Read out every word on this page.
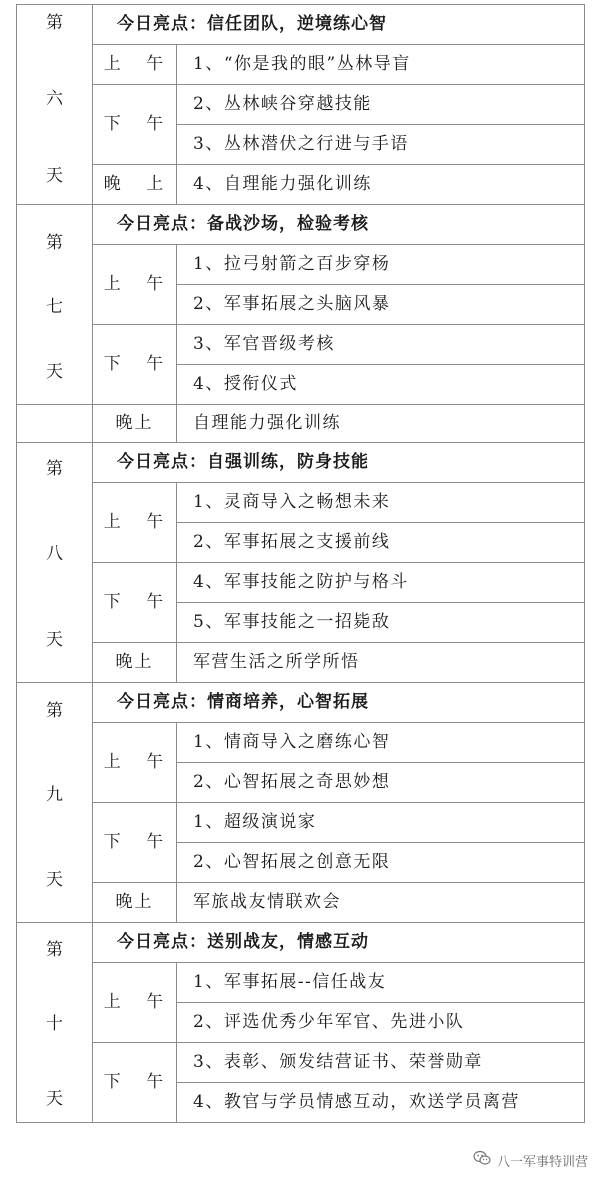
第
六
天	今日亮点：信任团队，逆境练心智	
	上 午	1、“你是我的眼”丛林导盲
	下 午	2、丛林峡谷穿越技能
		3、丛林潜伏之行进与手语
	晚 上	4、自理能力强化训练

第
七
天	今日亮点：备战沙场，检验考核	
	上 午	1、拉弓射箭之百步穿杨
		2、军事拓展之头脑风暴
	下 午	3、军官晋级考核
		4、授衔仪式
	晚上	自理能力强化训练

第
八
天	今日亮点：自强训练，防身技能	
	上 午	1、灵商导入之畅想未来
		2、军事拓展之支援前线
	下 午	4、军事技能之防护与格斗
		5、军事技能之一招毙敌
	晚上	军营生活之所学所悟

第
九
天	今日亮点：情商培养，心智拓展	
	上 午	1、情商导入之磨练心智
		2、心智拓展之奇思妙想
	下 午	1、超级演说家
		2、心智拓展之创意无限
	晚上	军旅战友情联欢会

第
十
天	今日亮点：送别战友，情感互动	
	上 午	1、军事拓展--信任战友
		2、评选优秀少年军官、先进小队
	下 午	3、表彰、颁发结营证书、荣誉勋章
		4、教官与学员情感互动，欢送学员离营
八一军事特训营
